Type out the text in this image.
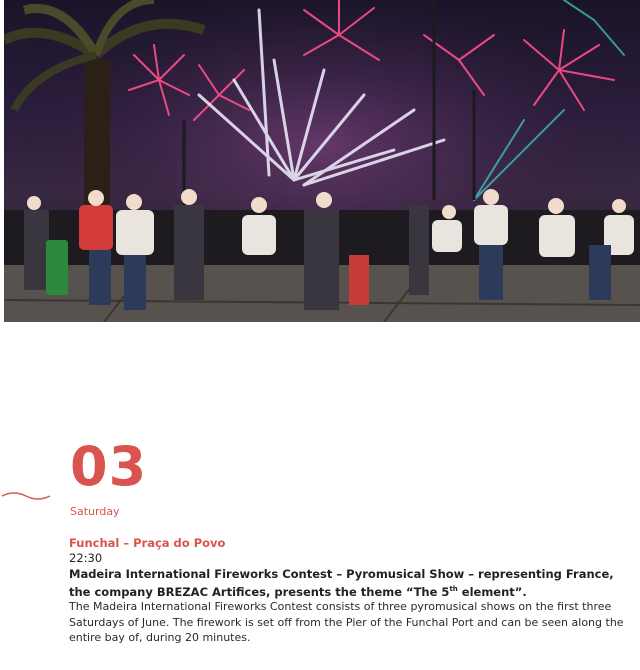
03
Saturday
Funchal – Praça do Povo
22:30
Madeira International Fireworks Contest – Pyromusical Show – representing France, the company BREZAC Artifices, presents the theme “The 5th element”.
The Madeira International Fireworks Contest consists of three pyromusical shows on the first three Saturdays of June. The firework is set off from the Pier of the Funchal Port and can be seen along the entire bay of, during 20 minutes.
